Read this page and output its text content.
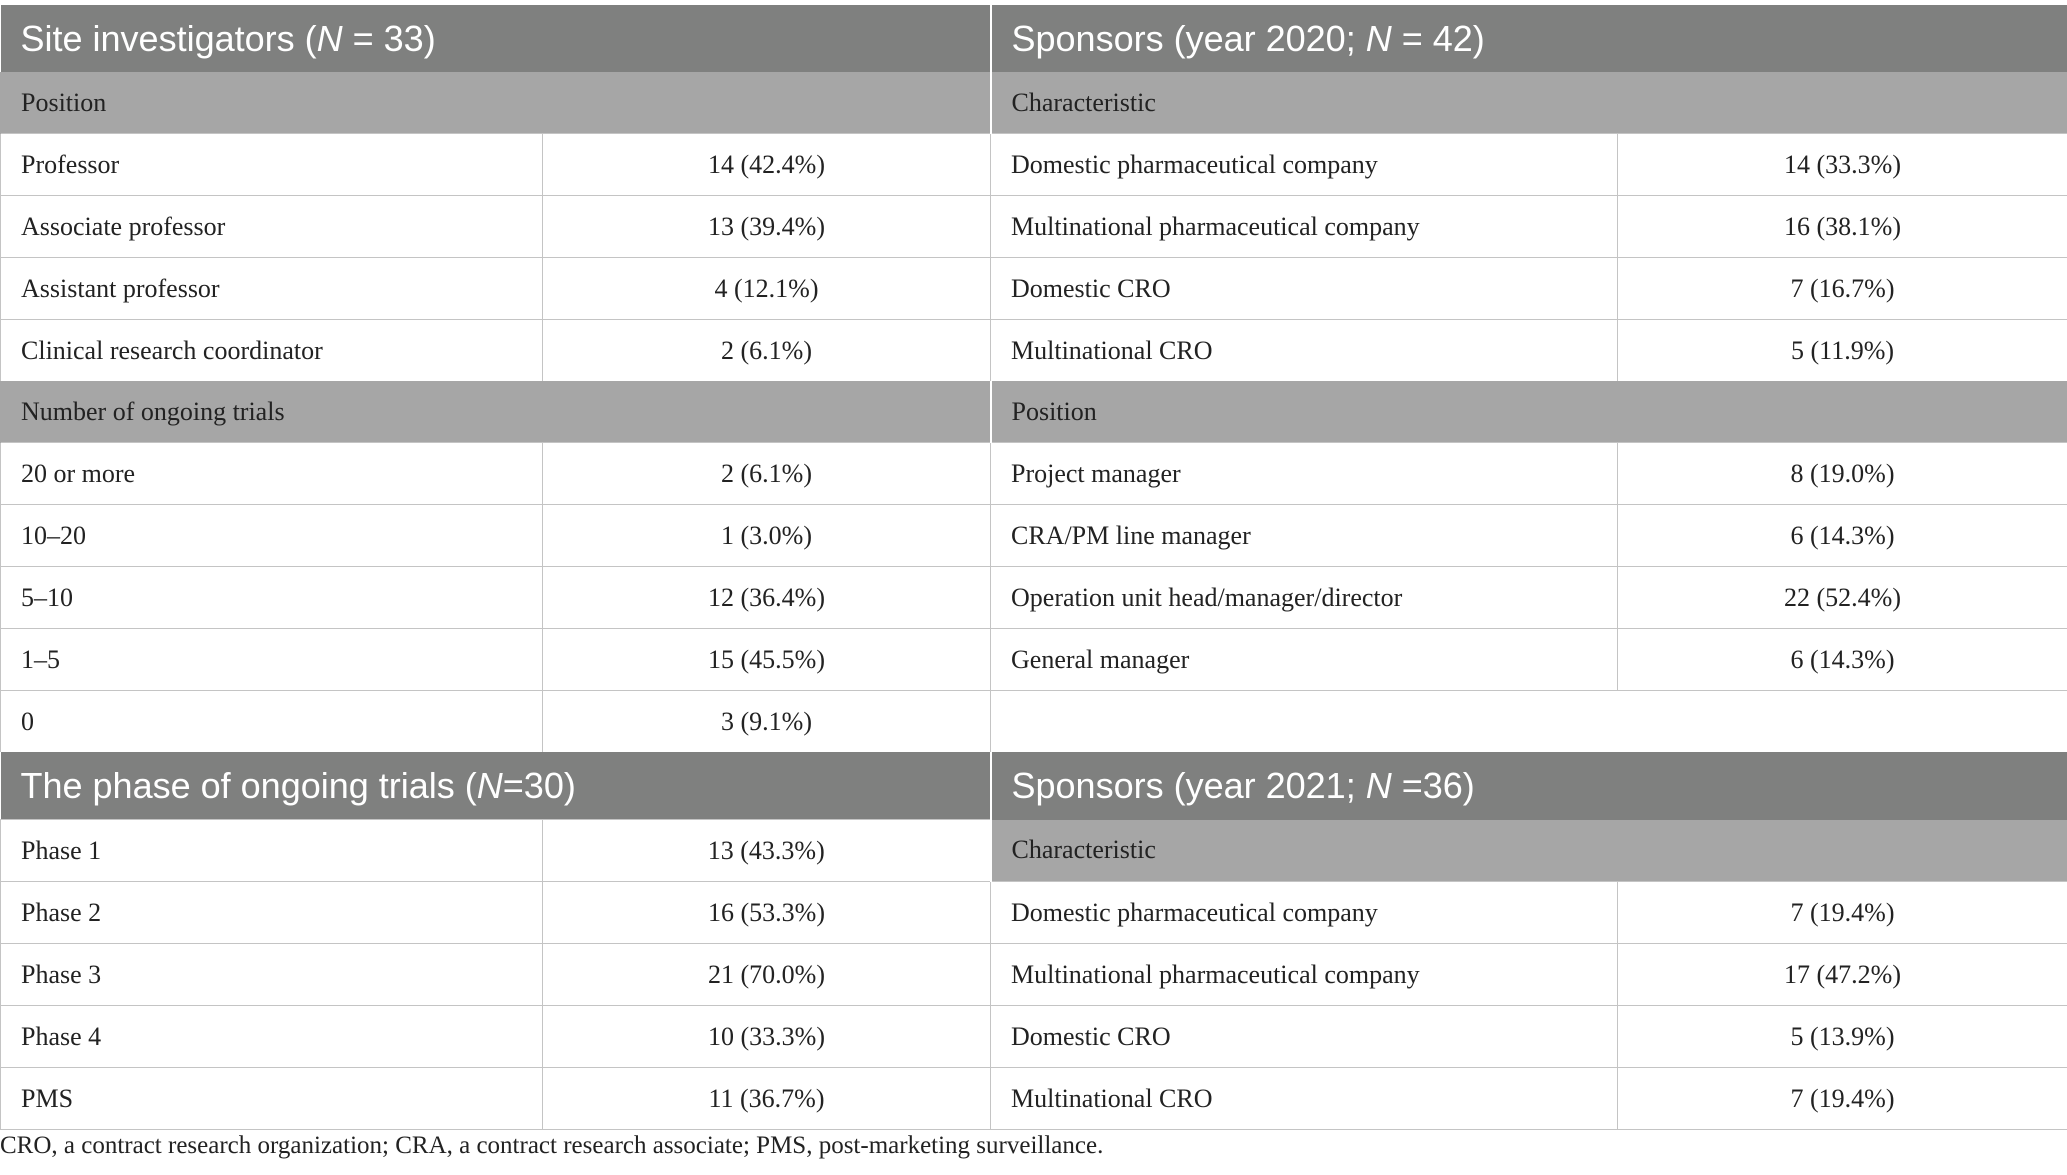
Site investigators (N = 33)		Sponsors (year 2020; N = 42)	
Position		Characteristic	
Professor	14 (42.4%)	Domestic pharmaceutical company	14 (33.3%)
Associate professor	13 (39.4%)	Multinational pharmaceutical company	16 (38.1%)
Assistant professor	4 (12.1%)	Domestic CRO	7 (16.7%)
Clinical research coordinator	2 (6.1%)	Multinational CRO	5 (11.9%)
Number of ongoing trials		Position	
20 or more	2 (6.1%)	Project manager	8 (19.0%)
10–20	1 (3.0%)	CRA/PM line manager	6 (14.3%)
5–10	12 (36.4%)	Operation unit head/manager/director	22 (52.4%)
1–5	15 (45.5%)	General manager	6 (14.3%)
0	3 (9.1%)		
The phase of ongoing trials (N=30)		Sponsors (year 2021; N =36)	
Phase 1	13 (43.3%)	Characteristic	
Phase 2	16 (53.3%)	Domestic pharmaceutical company	7 (19.4%)
Phase 3	21 (70.0%)	Multinational pharmaceutical company	17 (47.2%)
Phase 4	10 (33.3%)	Domestic CRO	5 (13.9%)
PMS	11 (36.7%)	Multinational CRO	7 (19.4%)
CRO, a contract research organization; CRA, a contract research associate; PMS, post-marketing surveillance.
